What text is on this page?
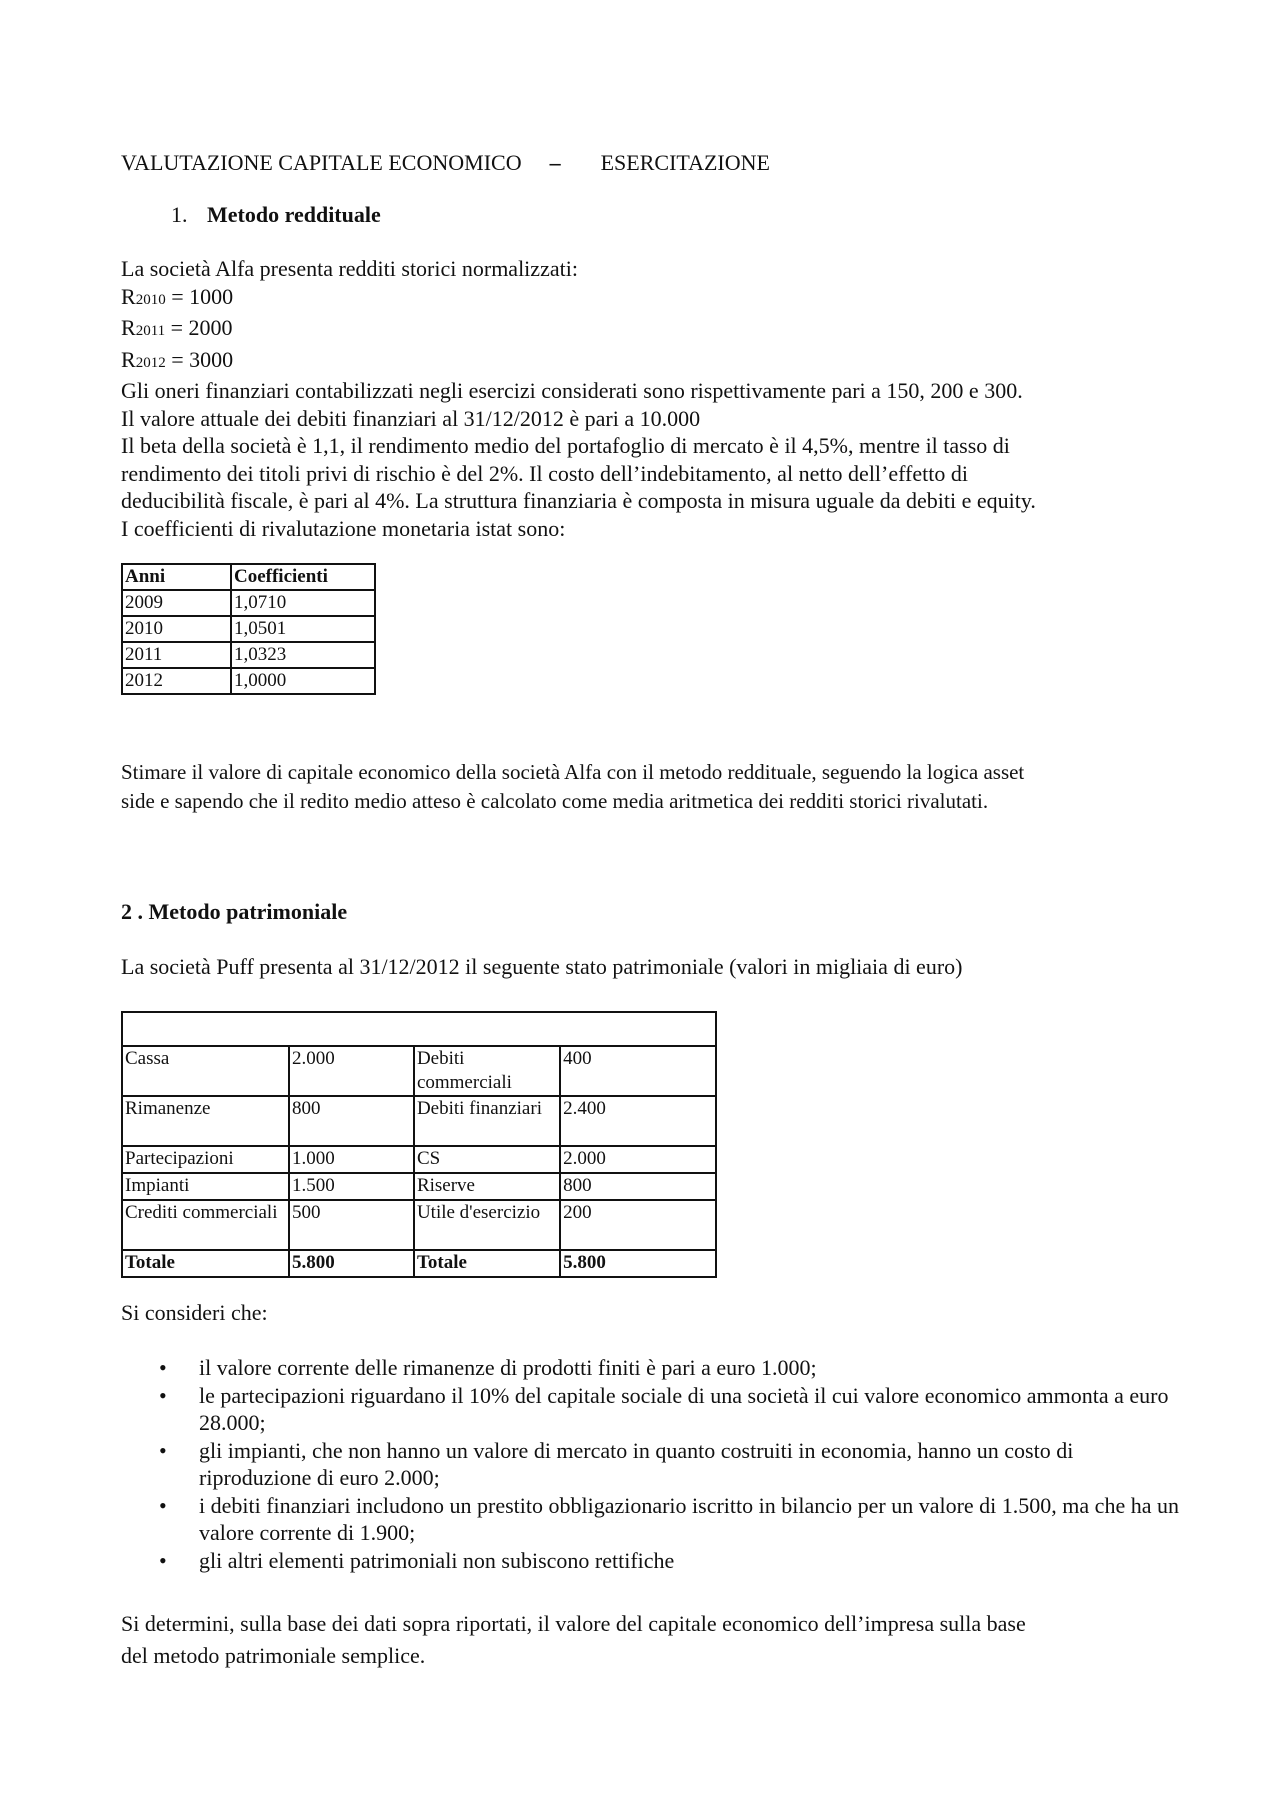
VALUTAZIONE CAPITALE ECONOMICO – ESERCITAZIONE
1. Metodo reddituale
La società Alfa presenta redditi storici normalizzati:
R2010 = 1000
R2011 = 2000
R2012 = 3000
Gli oneri finanziari contabilizzati negli esercizi considerati sono rispettivamente pari a 150, 200 e 300.
Il valore attuale dei debiti finanziari al 31/12/2012 è pari a 10.000
Il beta della società è 1,1, il rendimento medio del portafoglio di mercato è il 4,5%, mentre il tasso di
rendimento dei titoli privi di rischio è del 2%. Il costo dell’indebitamento, al netto dell’effetto di
deducibilità fiscale, è pari al 4%. La struttura finanziaria è composta in misura uguale da debiti e equity.
I coefficienti di rivalutazione monetaria istat sono:
Anni	Coefficienti
2009	1,0710
2010	1,0501
2011	1,0323
2012	1,0000
Stimare il valore di capitale economico della società Alfa con il metodo reddituale, seguendo la logica asset
side e sapendo che il redito medio atteso è calcolato come media aritmetica dei redditi storici rivalutati.
2 . Metodo patrimoniale
La società Puff presenta al 31/12/2012 il seguente stato patrimoniale (valori in migliaia di euro)

Cassa	2.000	Debiti commerciali	400
Rimanenze	800	Debiti finanziari	2.400
Partecipazioni	1.000	CS	2.000
Impianti	1.500	Riserve	800
Crediti commerciali	500	Utile d'esercizio	200
Totale	5.800	Totale	5.800
Si consideri che:
• il valore corrente delle rimanenze di prodotti finiti è pari a euro 1.000;
• le partecipazioni riguardano il 10% del capitale sociale di una società il cui valore economico ammonta a euro 28.000;
• gli impianti, che non hanno un valore di mercato in quanto costruiti in economia, hanno un costo di riproduzione di euro 2.000;
• i debiti finanziari includono un prestito obbligazionario iscritto in bilancio per un valore di 1.500, ma che ha un valore corrente di 1.900;
• gli altri elementi patrimoniali non subiscono rettifiche
Si determini, sulla base dei dati sopra riportati, il valore del capitale economico dell’impresa sulla base
del metodo patrimoniale semplice.
